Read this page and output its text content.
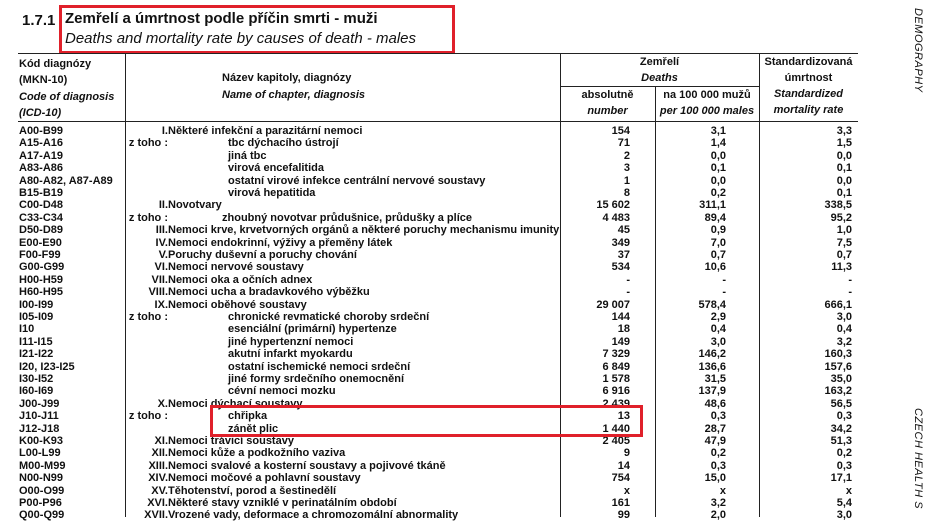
1.7.1 Zemřelí a úmrtnost podle příčin smrti - muži
Deaths and mortality rate by causes of death - males	DEMOGRAPHY
CZECH HEALTH S
Kód diagnózy
(MKN-10)
Code of diagnosis
(ICD-10)
Název kapitoly, diagnózy
Name of chapter, diagnosis
Zemřelí
Deaths
absolutně
number
na 100 000 mužů
per 100 000 males
Standardizovaná
úmrtnost
Standardized
mortality rate
A00-B99	I. Některé infekční a parazitární nemoci	154	3,1	3,3
A15-A16	z toho :	tbc dýchacího ústrojí	71	1,4	1,5
A17-A19	jiná tbc	2	0,0	0,0
A83-A86	virová encefalitida	3	0,1	0,1
A80-A82, A87-A89	ostatní virové infekce centrální nervové soustavy	1	0,0	0,0
B15-B19	virová hepatitida	8	0,2	0,1
C00-D48	II. Novotvary	15 602	311,1	338,5
C33-C34	z toho :	zhoubný novotvar průdušnice, průdušky a plíce	4 483	89,4	95,2
D50-D89	III. Nemoci krve, krvetvorných orgánů a některé poruchy mechanismu imunity	45	0,9	1,0
E00-E90	IV. Nemoci endokrinní, výživy a přeměny látek	349	7,0	7,5
F00-F99	V. Poruchy duševní a poruchy chování	37	0,7	0,7
G00-G99	VI. Nemoci nervové soustavy	534	10,6	11,3
H00-H59	VII. Nemoci oka a očních adnex	-	-	-
H60-H95	VIII. Nemoci ucha a bradavkového výběžku	-	-	-
I00-I99	IX. Nemoci oběhové soustavy	29 007	578,4	666,1
I05-I09	z toho :	chronické revmatické choroby srdeční	144	2,9	3,0
I10	esenciální (primární) hypertenze	18	0,4	0,4
I11-I15	jiné hypertenzní nemoci	149	3,0	3,2
I21-I22	akutní infarkt myokardu	7 329	146,2	160,3
I20, I23-I25	ostatní ischemické nemoci srdeční	6 849	136,6	157,6
I30-I52	jiné formy srdečního onemocnění	1 578	31,5	35,0
I60-I69	cévní nemoci mozku	6 916	137,9	163,2
J00-J99	X. Nemoci dýchací soustavy	2 439	48,6	56,5
J10-J11	z toho :	chřipka	13	0,3	0,3
J12-J18	zánět plic	1 440	28,7	34,2
K00-K93	XI. Nemoci trávicí soustavy	2 405	47,9	51,3
L00-L99	XII. Nemoci kůže a podkožního vaziva	9	0,2	0,2
M00-M99	XIII. Nemoci svalové a kosterní soustavy a pojivové tkáně	14	0,3	0,3
N00-N99	XIV. Nemoci močové a pohlavní soustavy	754	15,0	17,1
O00-O99	XV. Těhotenství, porod a šestinedělí	x	x	x
P00-P96	XVI. Některé stavy vzniklé v perinatálním období	161	3,2	5,4
Q00-Q99	XVII. Vrozené vady, deformace a chromozomální abnormality	99	2,0	3,0
